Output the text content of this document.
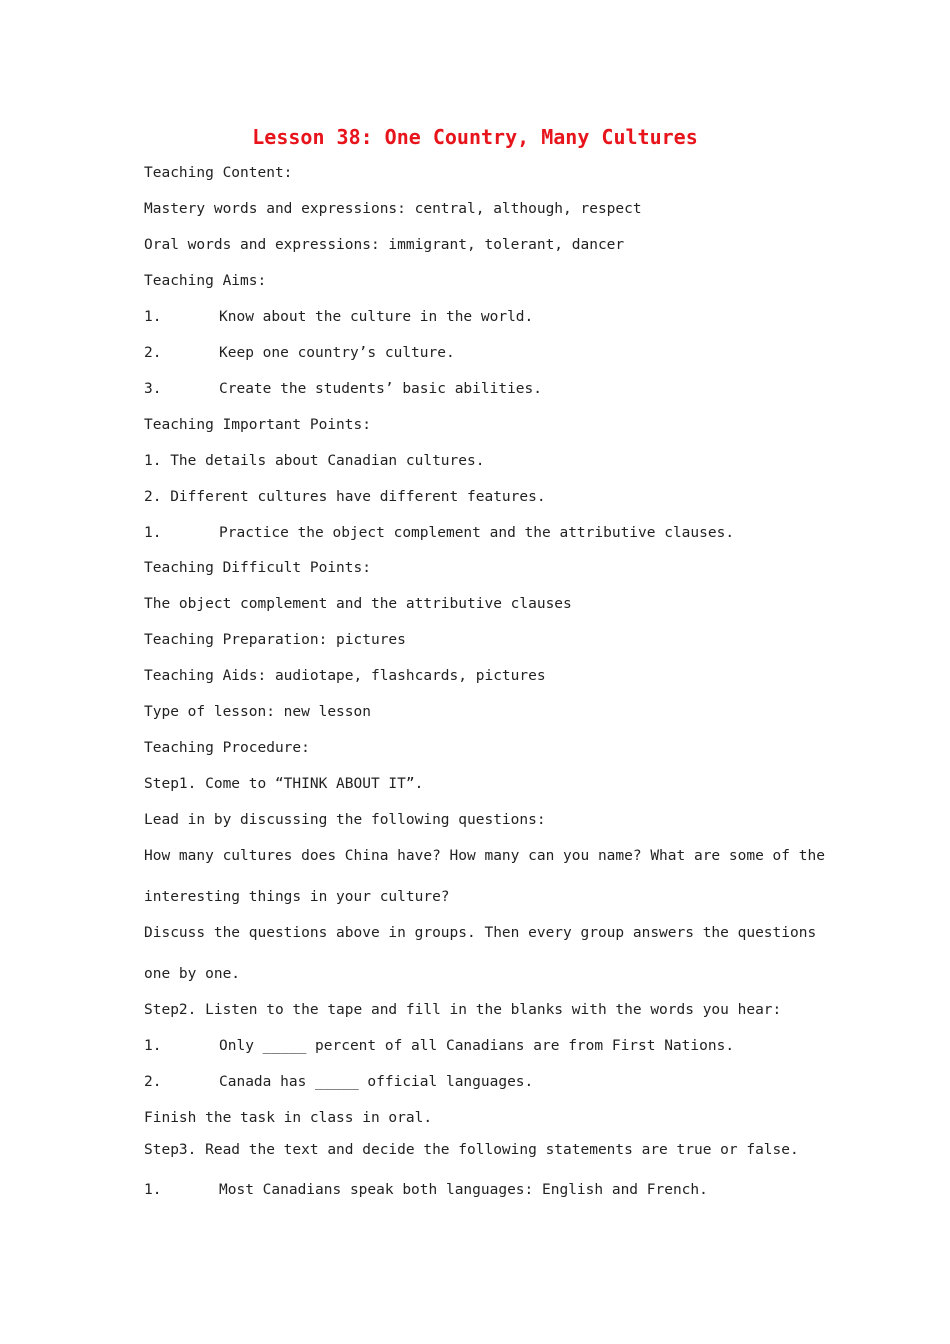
Lesson 38: One Country, Many Cultures
Teaching Content:
Mastery words and expressions: central, although, respect
Oral words and expressions: immigrant, tolerant, dancer
Teaching Aims:
1.	Know about the culture in the world.
2.	Keep one country’s culture.
3.	Create the students’ basic abilities.
Teaching Important Points:
1. The details about Canadian cultures.
2. Different cultures have different features.
1.	Practice the object complement and the attributive clauses.
Teaching Difficult Points:
The object complement and the attributive clauses
Teaching Preparation: pictures
Teaching Aids: audiotape, flashcards, pictures
Type of lesson: new lesson
Teaching Procedure:
Step1. Come to “THINK ABOUT IT”.
Lead in by discussing the following questions:
How many cultures does China have? How many can you name? What are some of the
interesting things in your culture?
Discuss the questions above in groups. Then every group answers the questions
one by one.
Step2. Listen to the tape and fill in the blanks with the words you hear:
1.	Only _____ percent of all Canadians are from First Nations.
2.	Canada has _____ official languages.
Finish the task in class in oral.
Step3. Read the text and decide the following statements are true or false.
1.	Most Canadians speak both languages: English and French.
